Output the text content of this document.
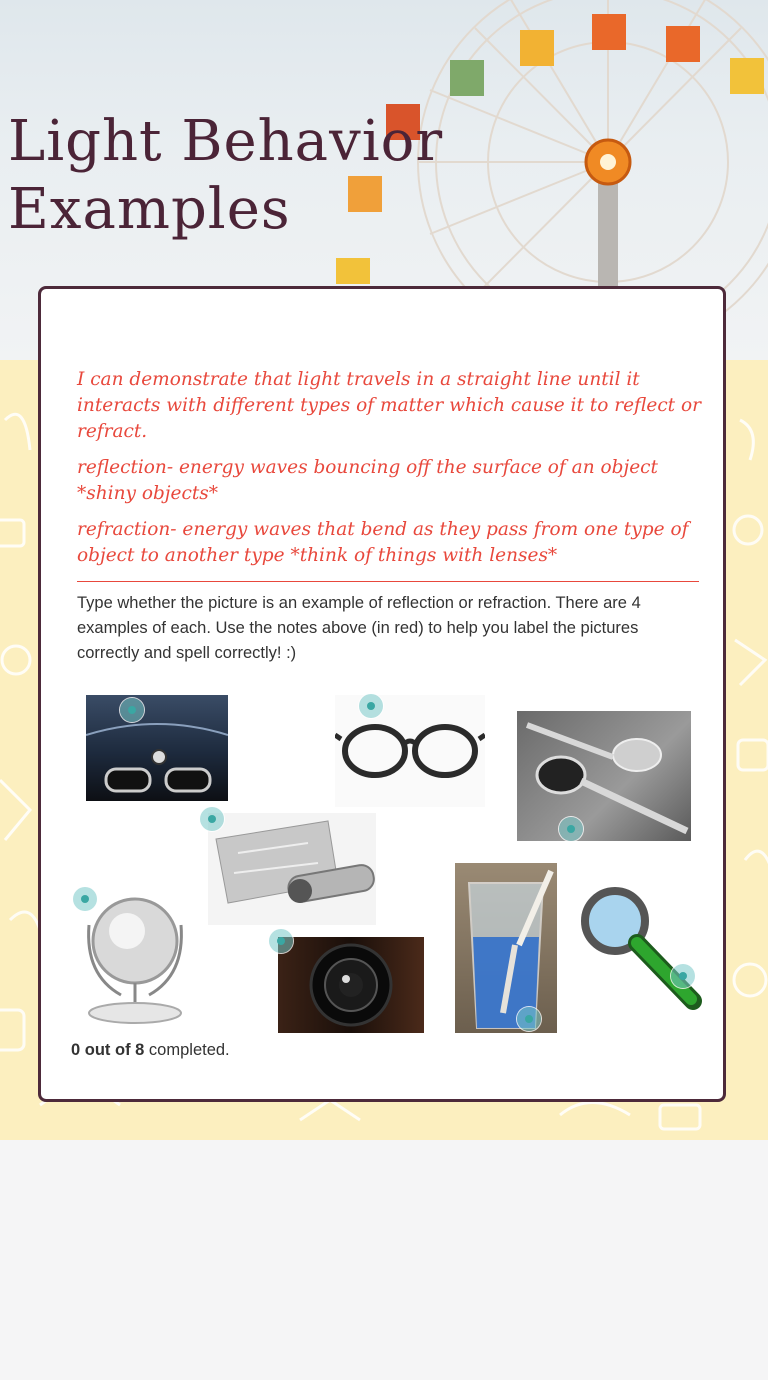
Light Behavior
Examples

I can demonstrate that light travels in a straight line until it interacts with different types of matter which cause it to reflect or refract.

reflection- energy waves bouncing off the surface of an object *shiny objects*

refraction- energy waves that bend as they pass from one type of object to another type *think of things with lenses*

Type whether the picture is an example of reflection or refraction. There are 4 examples of each. Use the notes above (in red) to help you label the pictures correctly and spell correctly! :)

0 out of 8 completed.
